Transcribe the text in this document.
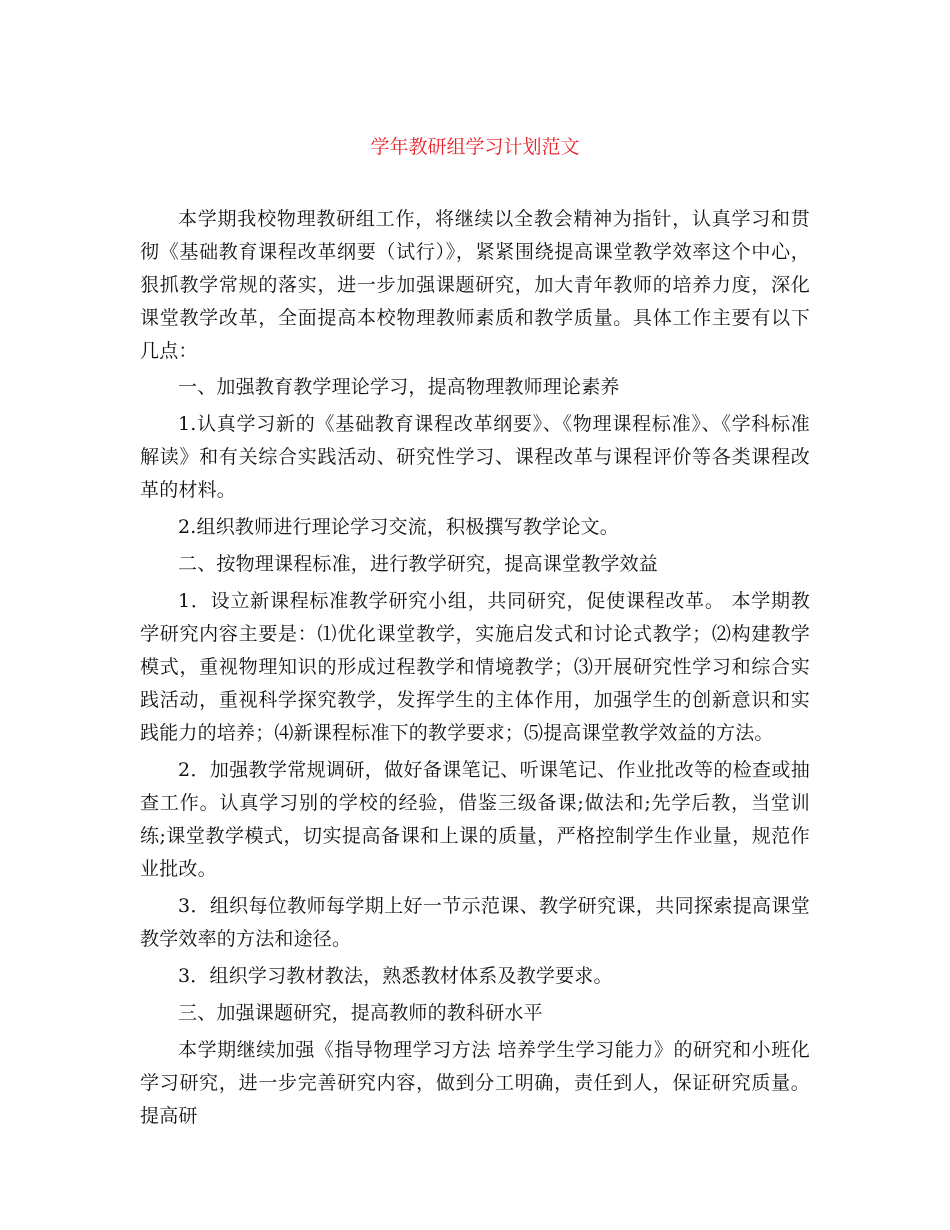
学年教研组学习计划范文

本学期我校物理教研组工作，将继续以全教会精神为指针，认真学习和贯彻《基础教育课程改革纲要（试行）》，紧紧围绕提高课堂教学效率这个中心，狠抓教学常规的落实，进一步加强课题研究，加大青年教师的培养力度，深化课堂教学改革，全面提高本校物理教师素质和教学质量。具体工作主要有以下几点：

一、加强教育教学理论学习，提高物理教师理论素养

1.认真学习新的《基础教育课程改革纲要》、《物理课程标准》、《学科标准解读》和有关综合实践活动、研究性学习、课程改革与课程评价等各类课程改革的材料。

2.组织教师进行理论学习交流，积极撰写教学论文。

二、按物理课程标准，进行教学研究，提高课堂教学效益

1．设立新课程标准教学研究小组，共同研究，促使课程改革。 本学期教学研究内容主要是：⑴优化课堂教学，实施启发式和讨论式教学；⑵构建教学模式，重视物理知识的形成过程教学和情境教学；⑶开展研究性学习和综合实践活动，重视科学探究教学，发挥学生的主体作用，加强学生的创新意识和实践能力的培养；⑷新课程标准下的教学要求；⑸提高课堂教学效益的方法。

2．加强教学常规调研，做好备课笔记、听课笔记、作业批改等的检查或抽查工作。认真学习别的学校的经验，借鉴三级备课;做法和;先学后教，当堂训练;课堂教学模式，切实提高备课和上课的质量，严格控制学生作业量，规范作业批改。

3．组织每位教师每学期上好一节示范课、教学研究课，共同探索提高课堂教学效率的方法和途径。

3．组织学习教材教法，熟悉教材体系及教学要求。

三、加强课题研究，提高教师的教科研水平

本学期继续加强《指导物理学习方法 培养学生学习能力》的研究和小班化学习研究，进一步完善研究内容，做到分工明确，责任到人，保证研究质量。提高研
